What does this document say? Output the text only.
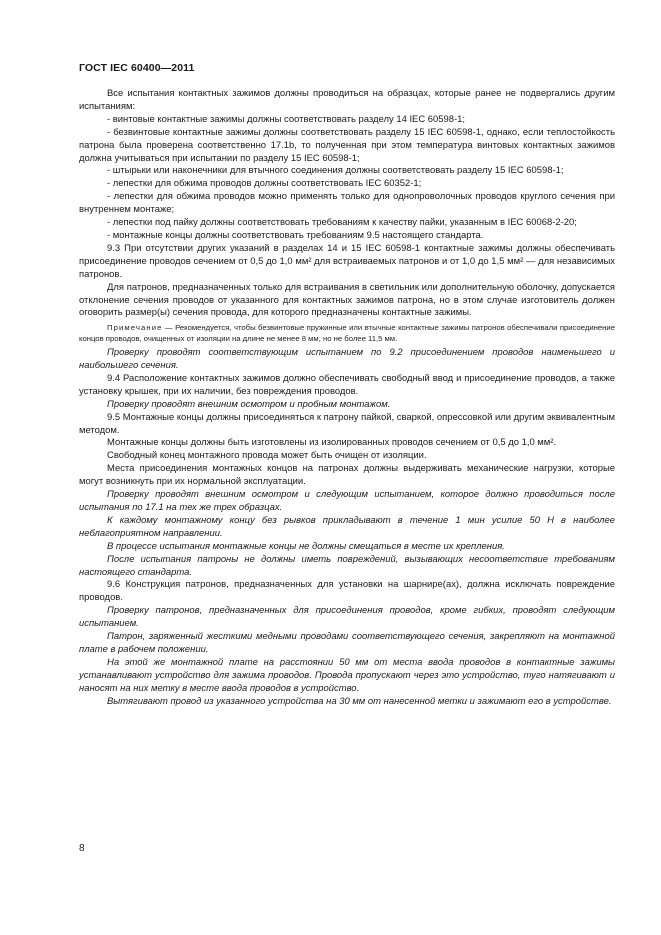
ГОСТ IEC 60400—2011

Все испытания контактных зажимов должны проводиться на образцах, которые ранее не подвергались другим испытаниям:

- винтовые контактные зажимы должны соответствовать разделу 14 IEC 60598-1;

- безвинтовые контактные зажимы должны соответствовать разделу 15 IEC 60598-1, однако, если теплостойкость патрона была проверена соответственно 17.1b, то полученная при этом температура винтовых контактных зажимов должна учитываться при испытании по разделу 15 IEC 60598-1;

- штырьки или наконечники для втычного соединения должны соответствовать разделу 15 IEC 60598-1;

- лепестки для обжима проводов должны соответствовать IEC 60352-1;

- лепестки для обжима проводов можно применять только для однопроволочных проводов круглого сечения при внутреннем монтаже;

- лепестки под пайку должны соответствовать требованиям к качеству пайки, указанным в IEC 60068-2-20;

- монтажные концы должны соответствовать требованиям 9.5 настоящего стандарта.

9.3 При отсутствии других указаний в разделах 14 и 15 IEC 60598-1 контактные зажимы должны обеспечивать присоединение проводов сечением от 0,5 до 1,0 мм² для встраиваемых патронов и от 1,0 до 1,5 мм² — для независимых патронов.

Для патронов, предназначенных только для встраивания в светильник или дополнительную оболочку, допускается отклонение сечения проводов от указанного для контактных зажимов патрона, но в этом случае изготовитель должен оговорить размер(ы) сечения провода, для которого предназначены контактные зажимы.

Примечание — Рекомендуется, чтобы безвинтовые пружинные или втычные контактные зажимы патронов обеспечивали присоединение концов проводов, очищенных от изоляции на длине не менее 8 мм, но не более 11,5 мм.

Проверку проводят соответствующим испытанием по 9.2 присоединением проводов наименьшего и наибольшего сечения.

9.4 Расположение контактных зажимов должно обеспечивать свободный ввод и присоединение проводов, а также установку крышек, при их наличии, без повреждения проводов.

Проверку проводят внешним осмотром и пробным монтажом.

9.5 Монтажные концы должны присоединяться к патрону пайкой, сваркой, опрессовкой или другим эквивалентным методом.

Монтажные концы должны быть изготовлены из изолированных проводов сечением от 0,5 до 1,0 мм².

Свободный конец монтажного провода может быть очищен от изоляции.

Места присоединения монтажных концов на патронах должны выдерживать механические нагрузки, которые могут возникнуть при их нормальной эксплуатации.

Проверку проводят внешним осмотром и следующим испытанием, которое должно проводиться после испытания по 17.1 на тех же трех образцах.

К каждому монтажному концу без рывков прикладывают в течение 1 мин усилие 50 Н в наиболее неблагоприятном направлении.

В процессе испытания монтажные концы не должны смещаться в месте их крепления.

После испытания патроны не должны иметь повреждений, вызывающих несоответствие требованиям настоящего стандарта.

9.6 Конструкция патронов, предназначенных для установки на шарнире(ах), должна исключать повреждение проводов.

Проверку патронов, предназначенных для присоединения проводов, кроме гибких, проводят следующим испытанием.

Патрон, заряженный жесткими медными проводами соответствующего сечения, закрепляют на монтажной плате в рабочем положении.

На этой же монтажной плате на расстоянии 50 мм от места ввода проводов в контактные зажимы устанавливают устройство для зажима проводов. Провода пропускают через это устройство, туго натягивают и наносят на них метку в месте ввода проводов в устройство.

Вытягивают провод из указанного устройства на 30 мм от нанесенной метки и зажимают его в устройстве.

8
